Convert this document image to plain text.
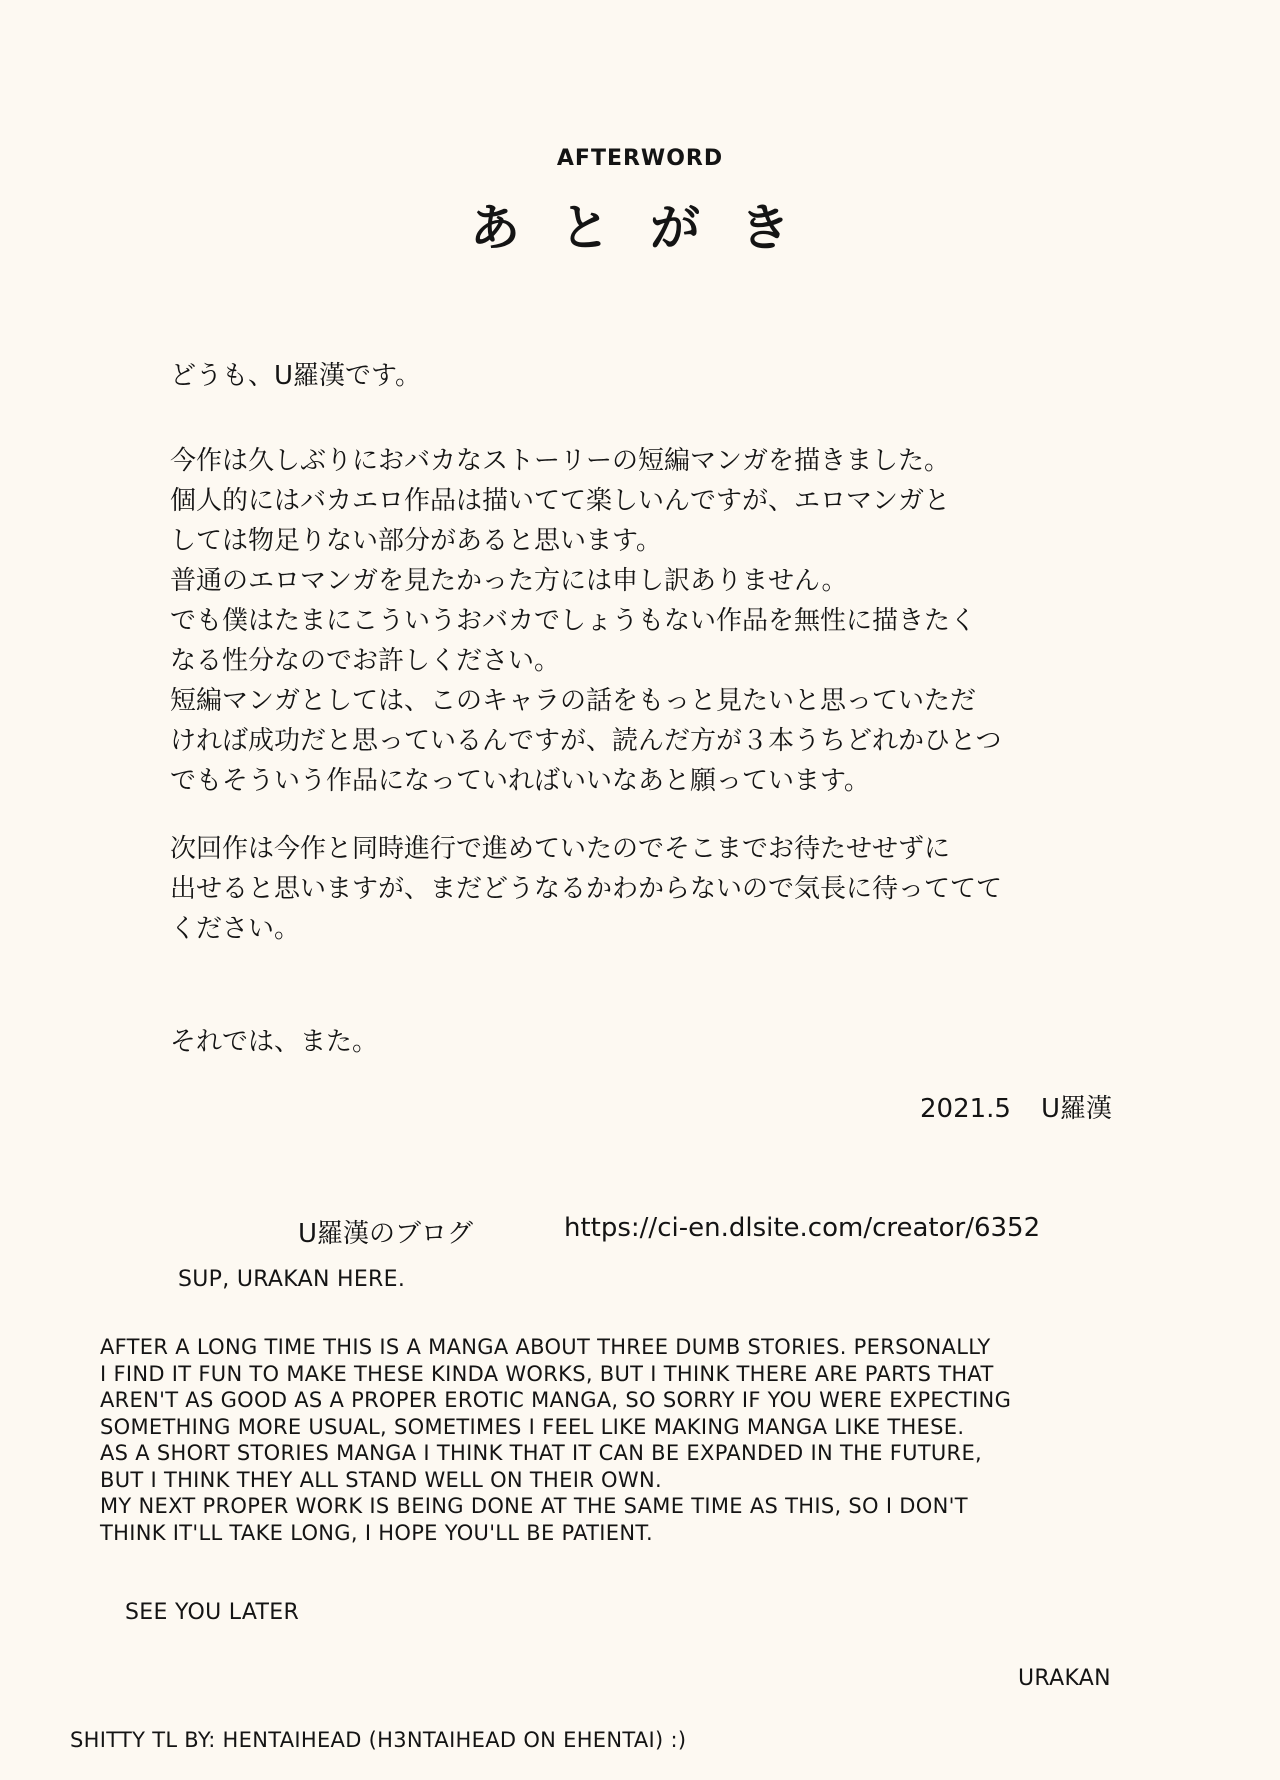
AFTERWORD
あとがき
どうも、U羅漢です。
今作は久しぶりにおバカなストーリーの短編マンガを描きました。
個人的にはバカエロ作品は描いてて楽しいんですが、エロマンガと
しては物足りない部分があると思います。
普通のエロマンガを見たかった方には申し訳ありません。
でも僕はたまにこういうおバカでしょうもない作品を無性に描きたく
なる性分なのでお許しください。
短編マンガとしては、このキャラの話をもっと見たいと思っていただ
ければ成功だと思っているんですが、読んだ方が３本うちどれかひとつ
でもそういう作品になっていればいいなあと願っています。
次回作は今作と同時進行で進めていたのでそこまでお待たせせずに
出せると思いますが、まだどうなるかわからないので気長に待っててて
ください。
それでは、また。
2021.5 U羅漢
U羅漢のブログ	https://ci-en.dlsite.com/creator/6352
SUP, URAKAN HERE.
AFTER A LONG TIME THIS IS A MANGA ABOUT THREE DUMB STORIES. PERSONALLY
I FIND IT FUN TO MAKE THESE KINDA WORKS, BUT I THINK THERE ARE PARTS THAT
AREN'T AS GOOD AS A PROPER EROTIC MANGA, SO SORRY IF YOU WERE EXPECTING
SOMETHING MORE USUAL, SOMETIMES I FEEL LIKE MAKING MANGA LIKE THESE.
AS A SHORT STORIES MANGA I THINK THAT IT CAN BE EXPANDED IN THE FUTURE,
BUT I THINK THEY ALL STAND WELL ON THEIR OWN.
MY NEXT PROPER WORK IS BEING DONE AT THE SAME TIME AS THIS, SO I DON'T
THINK IT'LL TAKE LONG, I HOPE YOU'LL BE PATIENT.
SEE YOU LATER
URAKAN
SHITTY TL BY: HENTAIHEAD (H3NTAIHEAD ON EHENTAI) :)
